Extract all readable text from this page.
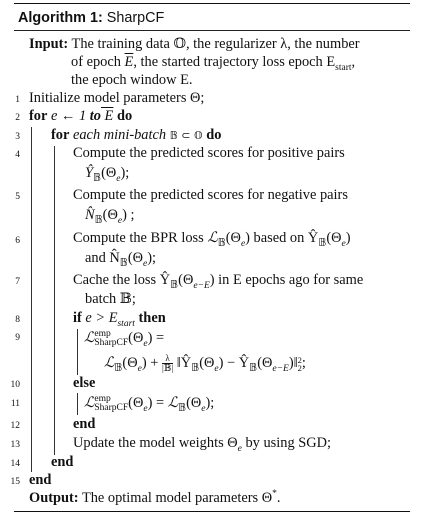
Algorithm 1: SharpCF
Input: The training data 𝕆, the regularizer λ, the number
of epoch $\overline{E}$, the started trajectory loss epoch $E_{start}$,
the epoch window E.
1
2
3
4
5
6
7
8
9
10
11
12
13
14
15
Initialize model parameters Θ;
for e ← 1 to E do
for each mini-batch 𝔹 ⊂ 𝕆 do
Compute the predicted scores for positive pairs
$Ŷ_𝔹(\Theta_e)$;
Compute the predicted scores for negative pairs
$N̂_𝔹(\Theta_e)$ ;
Compute the BPR loss $ℒ_𝔹(\Theta_e)$ based on $Ŷ_𝔹(\Theta_e)$
and $N̂_𝔹(\Theta_e)$;
Cache the loss $Ŷ_𝔹(\Theta_{e-E})$ in E epochs ago for same
batch 𝔹;
if $e > E_{start}$ then
ℒ emp
SharpCF $(\Theta_e)$ =
$ℒ_𝔹(\Theta_e) + \frac{\lambda}{\text{|𝔹|}}$ $‖Ŷ_𝔹(\Theta_e)$ − $Ŷ_𝔹(\Theta_{e-E})‖$ 2
2 ;
else
ℒ emp
SharpCF $(\Theta_e)$ = $ℒ_𝔹(\Theta_e)$;
end
Update the model weights $\Theta_e$ by using SGD;
end
end
Output: The optimal model parameters Θ*.
